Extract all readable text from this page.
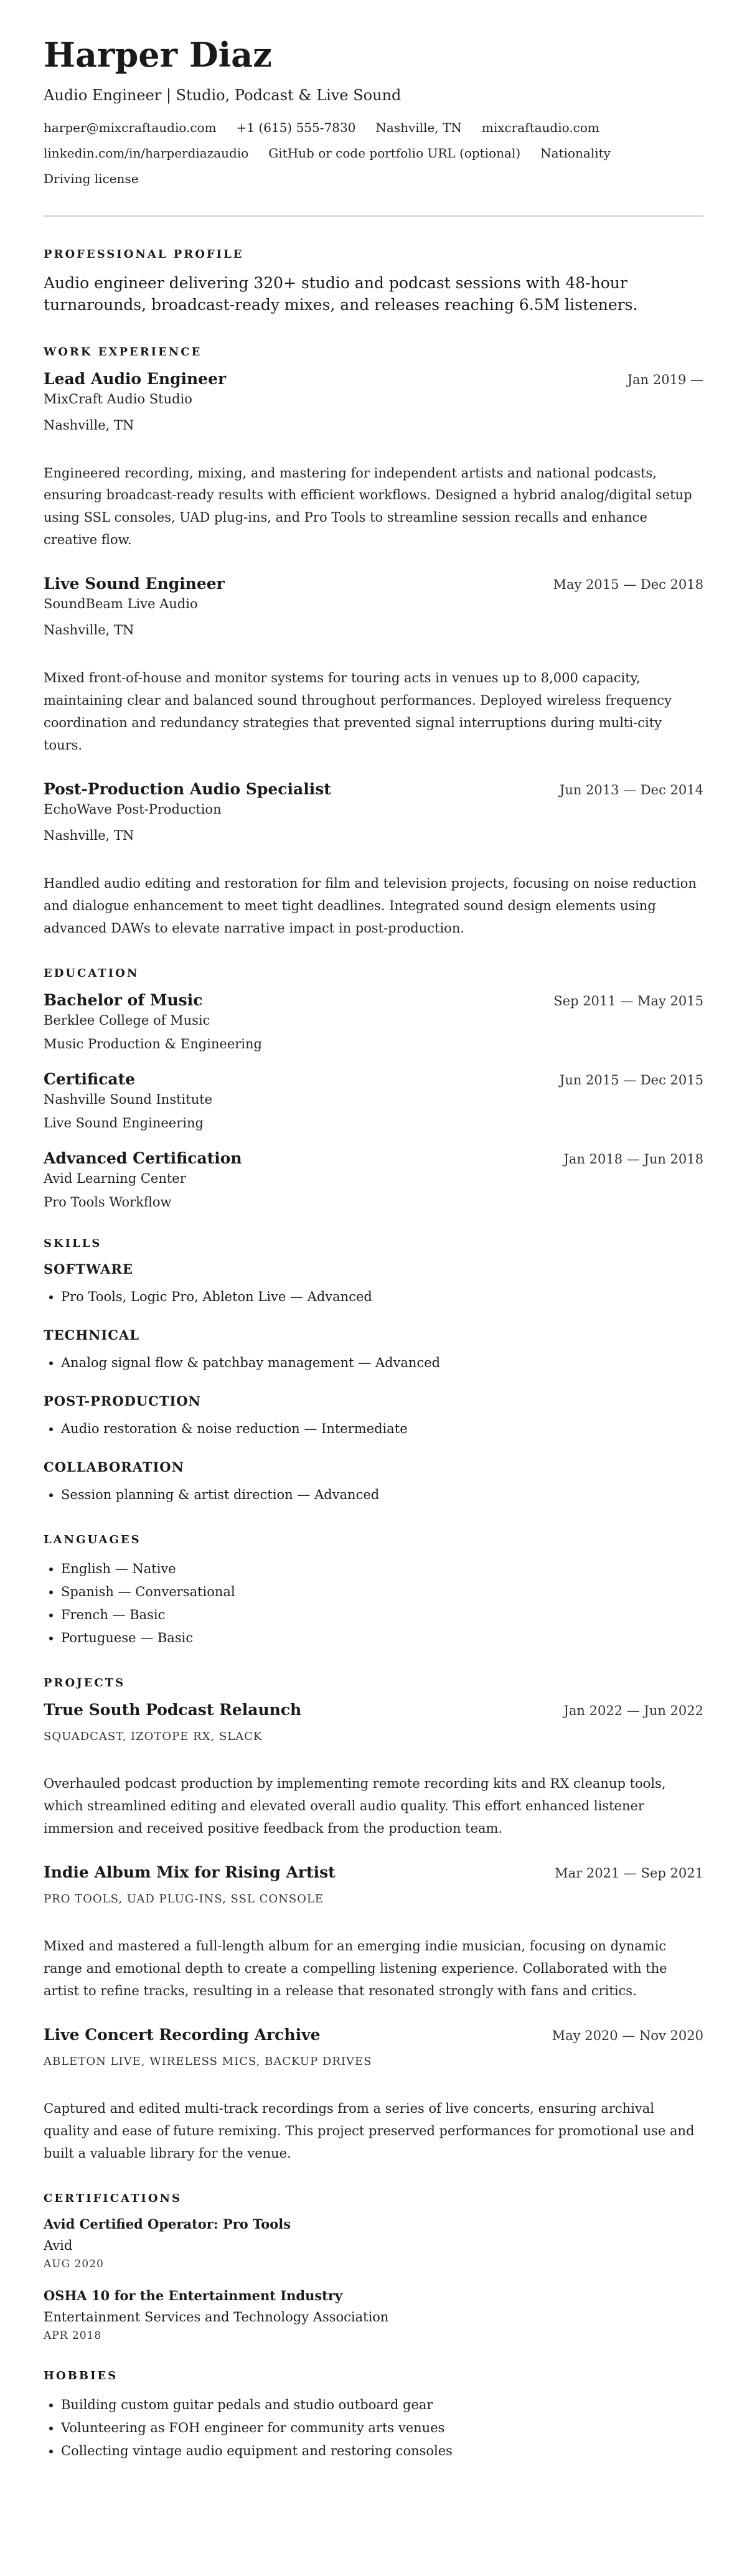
Harper Diaz
Audio Engineer | Studio, Podcast & Live Sound
harper@mixcraftaudio.com +1 (615) 555-7830 Nashville, TN mixcraftaudio.com
linkedin.com/in/harperdiazaudio GitHub or code portfolio URL (optional) Nationality
Driving license
PROFESSIONAL PROFILE

Audio engineer delivering 320+ studio and podcast sessions with 48-hour turnarounds, broadcast-ready mixes, and releases reaching 6.5M listeners.

WORK EXPERIENCE
Lead Audio Engineer	Jan 2019 —
MixCraft Audio Studio
Nashville, TN
Engineered recording, mixing, and mastering for independent artists and national podcasts, ensuring broadcast-ready results with efficient workflows. Designed a hybrid analog/digital setup using SSL consoles, UAD plug-ins, and Pro Tools to streamline session recalls and enhance creative flow.
Live Sound Engineer	May 2015 — Dec 2018
SoundBeam Live Audio
Nashville, TN
Mixed front-of-house and monitor systems for touring acts in venues up to 8,000 capacity, maintaining clear and balanced sound throughout performances. Deployed wireless frequency coordination and redundancy strategies that prevented signal interruptions during multi-city tours.
Post-Production Audio Specialist	Jun 2013 — Dec 2014
EchoWave Post-Production
Nashville, TN
Handled audio editing and restoration for film and television projects, focusing on noise reduction and dialogue enhancement to meet tight deadlines. Integrated sound design elements using advanced DAWs to elevate narrative impact in post-production.
EDUCATION
Bachelor of Music	Sep 2011 — May 2015
Berklee College of Music
Music Production & Engineering
Certificate	Jun 2015 — Dec 2015
Nashville Sound Institute
Live Sound Engineering
Advanced Certification	Jan 2018 — Jun 2018
Avid Learning Center
Pro Tools Workflow
SKILLS
SOFTWARE
• Pro Tools, Logic Pro, Ableton Live — Advanced
TECHNICAL
• Analog signal flow & patchbay management — Advanced
POST-PRODUCTION
• Audio restoration & noise reduction — Intermediate
COLLABORATION
• Session planning & artist direction — Advanced
LANGUAGES
• English — Native
• Spanish — Conversational
• French — Basic
• Portuguese — Basic
PROJECTS
True South Podcast Relaunch	Jan 2022 — Jun 2022
SQUADCAST, IZOTOPE RX, SLACK
Overhauled podcast production by implementing remote recording kits and RX cleanup tools, which streamlined editing and elevated overall audio quality. This effort enhanced listener immersion and received positive feedback from the production team.
Indie Album Mix for Rising Artist	Mar 2021 — Sep 2021
PRO TOOLS, UAD PLUG-INS, SSL CONSOLE
Mixed and mastered a full-length album for an emerging indie musician, focusing on dynamic range and emotional depth to create a compelling listening experience. Collaborated with the artist to refine tracks, resulting in a release that resonated strongly with fans and critics.
Live Concert Recording Archive	May 2020 — Nov 2020
ABLETON LIVE, WIRELESS MICS, BACKUP DRIVES
Captured and edited multi-track recordings from a series of live concerts, ensuring archival quality and ease of future remixing. This project preserved performances for promotional use and built a valuable library for the venue.
CERTIFICATIONS
Avid Certified Operator: Pro Tools
Avid
AUG 2020
OSHA 10 for the Entertainment Industry
Entertainment Services and Technology Association
APR 2018
HOBBIES
• Building custom guitar pedals and studio outboard gear
• Volunteering as FOH engineer for community arts venues
• Collecting vintage audio equipment and restoring consoles
